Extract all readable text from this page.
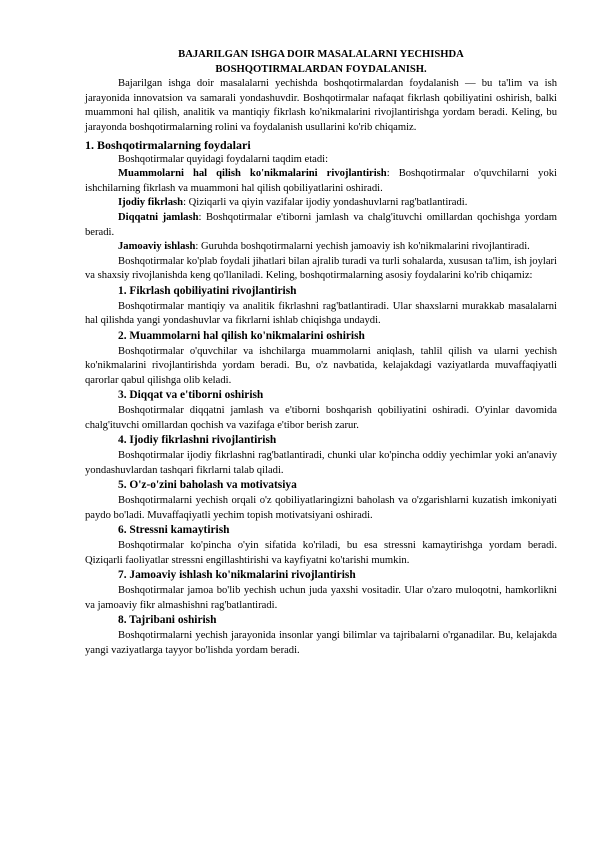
BAJARILGAN ISHGA DOIR MASALALARNI YECHISHDA

BOSHQOTIRMALARDAN FOYDALANISH.

Bajarilgan ishga doir masalalarni yechishda boshqotirmalardan foydalanish — bu ta'lim va ish jarayonida innovatsion va samarali yondashuvdir. Boshqotirmalar nafaqat fikrlash qobiliyatini oshirish, balki muammoni hal qilish, analitik va mantiqiy fikrlash ko'nikmalarini rivojlantirishga yordam beradi. Keling, bu jarayonda boshqotirmalarning rolini va foydalanish usullarini ko'rib chiqamiz.

1. Boshqotirmalarning foydalari

Boshqotirmalar quyidagi foydalarni taqdim etadi:

Muammolarni hal qilish ko'nikmalarini rivojlantirish: Boshqotirmalar o'quvchilarni yoki ishchilarning fikrlash va muammoni hal qilish qobiliyatlarini oshiradi.

Ijodiy fikrlash: Qiziqarli va qiyin vazifalar ijodiy yondashuvlarni rag'batlantiradi.

Diqqatni jamlash: Boshqotirmalar e'tiborni jamlash va chalg'ituvchi omillardan qochishga yordam beradi.

Jamoaviy ishlash: Guruhda boshqotirmalarni yechish jamoaviy ish ko'nikmalarini rivojlantiradi.

Boshqotirmalar ko'plab foydali jihatlari bilan ajralib turadi va turli sohalarda, xususan ta'lim, ish joylari va shaxsiy rivojlanishda keng qo'llaniladi. Keling, boshqotirmalarning asosiy foydalarini ko'rib chiqamiz:

1. Fikrlash qobiliyatini rivojlantirish

Boshqotirmalar mantiqiy va analitik fikrlashni rag'batlantiradi. Ular shaxslarni murakkab masalalarni hal qilishda yangi yondashuvlar va fikrlarni ishlab chiqishga undaydi.

2. Muammolarni hal qilish ko'nikmalarini oshirish

Boshqotirmalar o'quvchilar va ishchilarga muammolarni aniqlash, tahlil qilish va ularni yechish ko'nikmalarini rivojlantirishda yordam beradi. Bu, o'z navbatida, kelajakdagi vaziyatlarda muvaffaqiyatli qarorlar qabul qilishga olib keladi.

3. Diqqat va e'tiborni oshirish

Boshqotirmalar diqqatni jamlash va e'tiborni boshqarish qobiliyatini oshiradi. O'yinlar davomida chalg'ituvchi omillardan qochish va vazifaga e'tibor berish zarur.

4. Ijodiy fikrlashni rivojlantirish

Boshqotirmalar ijodiy fikrlashni rag'batlantiradi, chunki ular ko'pincha oddiy yechimlar yoki an'anaviy yondashuvlardan tashqari fikrlarni talab qiladi.

5. O'z-o'zini baholash va motivatsiya

Boshqotirmalarni yechish orqali o'z qobiliyatlaringizni baholash va o'zgarishlarni kuzatish imkoniyati paydo bo'ladi. Muvaffaqiyatli yechim topish motivatsiyani oshiradi.

6. Stressni kamaytirish

Boshqotirmalar ko'pincha o'yin sifatida ko'riladi, bu esa stressni kamaytirishga yordam beradi. Qiziqarli faoliyatlar stressni engillashtirishi va kayfiyatni ko'tarishi mumkin.

7. Jamoaviy ishlash ko'nikmalarini rivojlantirish

Boshqotirmalar jamoa bo'lib yechish uchun juda yaxshi vositadir. Ular o'zaro muloqotni, hamkorlikni va jamoaviy fikr almashishni rag'batlantiradi.

8. Tajribani oshirish

Boshqotirmalarni yechish jarayonida insonlar yangi bilimlar va tajribalarni o'rganadilar. Bu, kelajakda yangi vaziyatlarga tayyor bo'lishda yordam beradi.
